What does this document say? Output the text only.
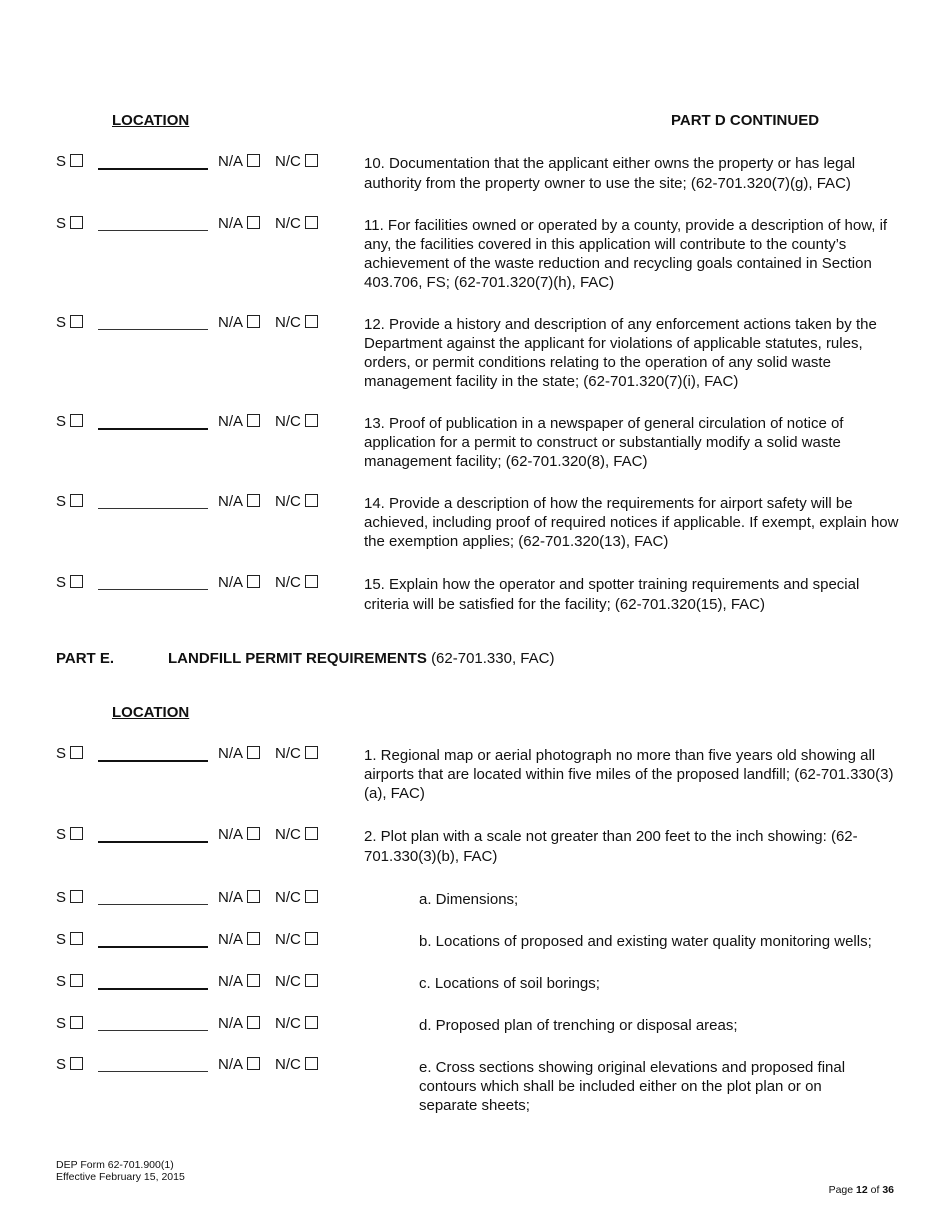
LOCATION	PART D CONTINUED
S	N/A	N/C	10. Documentation that the applicant either owns the property or has legal authority from the property owner to use the site; (62-701.320(7)(g), FAC)
S	N/A	N/C	11. For facilities owned or operated by a county, provide a description of how, if any, the facilities covered in this application will contribute to the county’s achievement of the waste reduction and recycling goals contained in Section 403.706, FS; (62-701.320(7)(h), FAC)
S	N/A	N/C	12. Provide a history and description of any enforcement actions taken by the Department against the applicant for violations of applicable statutes, rules, orders, or permit conditions relating to the operation of any solid waste management facility in the state; (62-701.320(7)(i), FAC)
S	N/A	N/C	13. Proof of publication in a newspaper of general circulation of notice of application for a permit to construct or substantially modify a solid waste management facility; (62-701.320(8), FAC)
S	N/A	N/C	14. Provide a description of how the requirements for airport safety will be achieved, including proof of required notices if applicable. If exempt, explain how the exemption applies; (62-701.320(13), FAC)
S	N/A	N/C	15. Explain how the operator and spotter training requirements and special criteria will be satisfied for the facility; (62-701.320(15), FAC)
PART E.	LANDFILL PERMIT REQUIREMENTS (62-701.330, FAC)
LOCATION
S	N/A	N/C	1. Regional map or aerial photograph no more than five years old showing all airports that are located within five miles of the proposed landfill; (62-701.330(3)(a), FAC)
S	N/A	N/C	2. Plot plan with a scale not greater than 200 feet to the inch showing: (62-701.330(3)(b), FAC)
S	N/A	N/C	a. Dimensions;
S	N/A	N/C	b. Locations of proposed and existing water quality monitoring wells;
S	N/A	N/C	c. Locations of soil borings;
S	N/A	N/C	d. Proposed plan of trenching or disposal areas;
S	N/A	N/C	e. Cross sections showing original elevations and proposed final contours which shall be included either on the plot plan or on separate sheets;
DEP Form 62-701.900(1)
Effective February 15, 2015
Page 12 of 36
